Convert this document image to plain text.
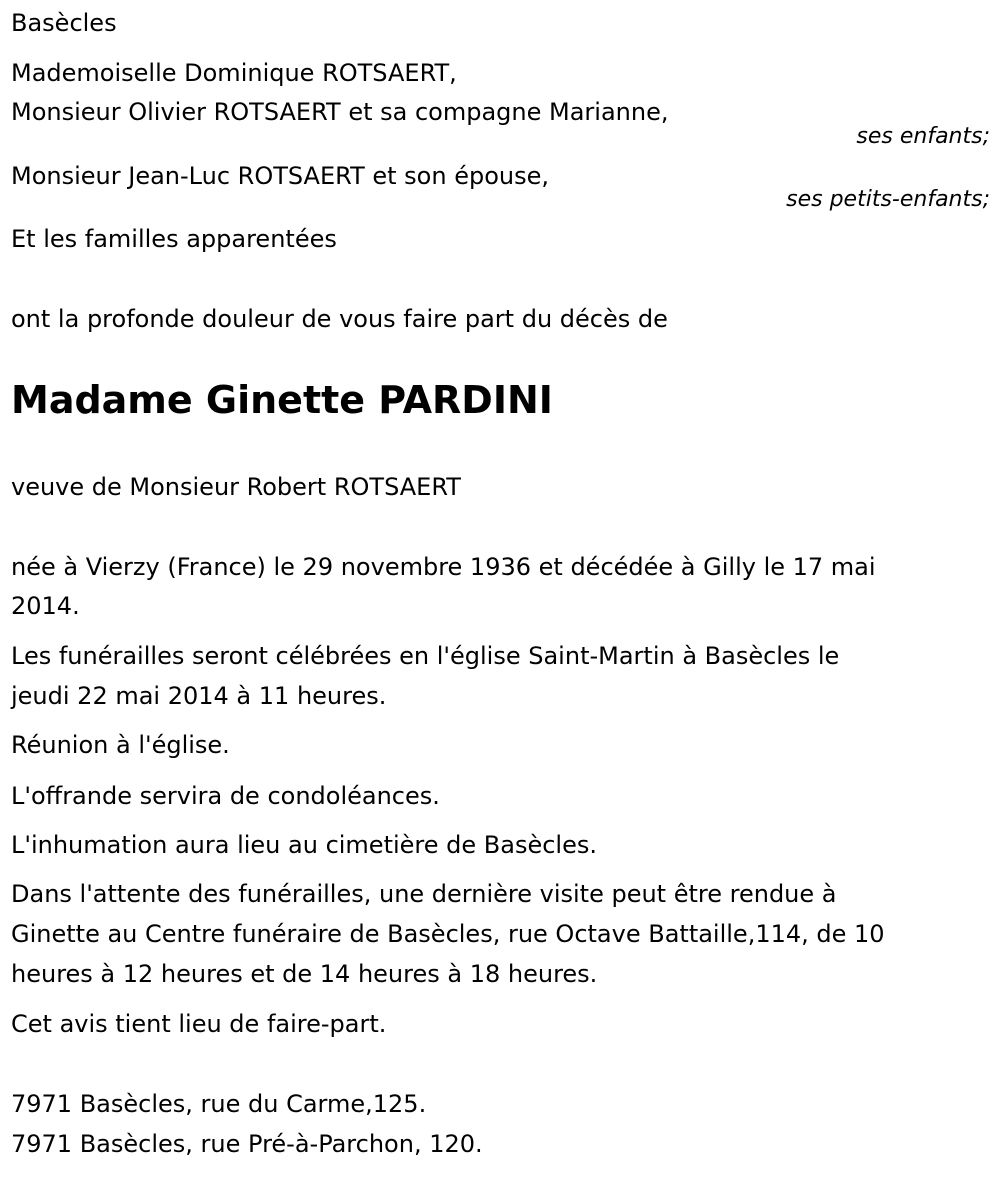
Basècles

Mademoiselle Dominique ROTSAERT,

Monsieur Olivier ROTSAERT et sa compagne Marianne,

ses enfants;

Monsieur Jean-Luc ROTSAERT et son épouse,

ses petits-enfants;

Et les familles apparentées

ont la profonde douleur de vous faire part du décès de

Madame Ginette PARDINI

veuve de Monsieur Robert ROTSAERT

née à Vierzy (France) le 29 novembre 1936 et décédée à Gilly le 17 mai

2014.

Les funérailles seront célébrées en l'église Saint-Martin à Basècles le

jeudi 22 mai 2014 à 11 heures.

Réunion à l'église.

L'offrande servira de condoléances.

L'inhumation aura lieu au cimetière de Basècles.

Dans l'attente des funérailles, une dernière visite peut être rendue à

Ginette au Centre funéraire de Basècles, rue Octave Battaille,114, de 10

heures à 12 heures et de 14 heures à 18 heures.

Cet avis tient lieu de faire-part.

7971 Basècles, rue du Carme,125.

7971 Basècles, rue Pré-à-Parchon, 120.
